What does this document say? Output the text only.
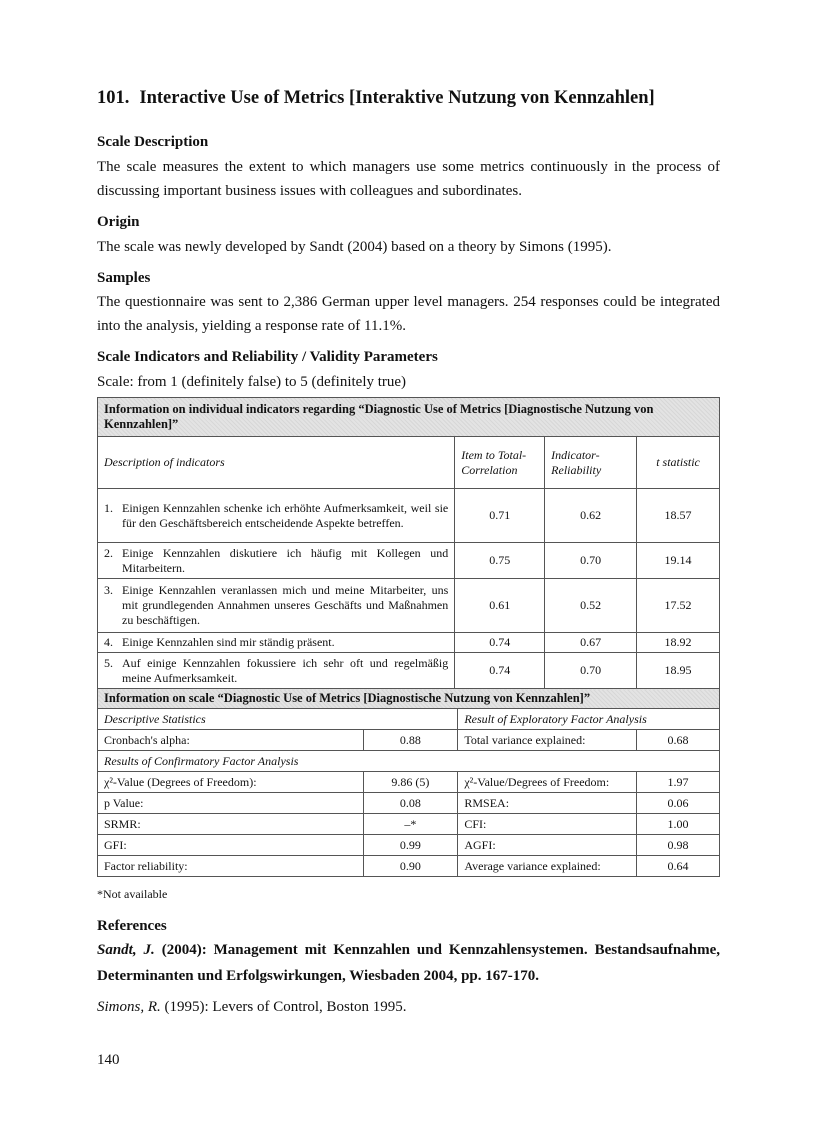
101. Interactive Use of Metrics [Interaktive Nutzung von Kennzahlen]
Scale Description

The scale measures the extent to which managers use some metrics continuously in the process of discussing important business issues with colleagues and subordinates.

Origin

The scale was newly developed by Sandt (2004) based on a theory by Simons (1995).

Samples

The questionnaire was sent to 2,386 German upper level managers. 254 responses could be integrated into the analysis, yielding a response rate of 11.1%.

Scale Indicators and Reliability / Validity Parameters

Scale: from 1 (definitely false) to 5 (definitely true)

Information on individual indicators regarding “Diagnostic Use of Metrics [Diagnostische Nutzung von Kennzahlen]”			
Description of indicators	Item to Total-Correlation	Indicator-Reliability	t statistic
1. Einigen Kennzahlen schenke ich erhöhte Aufmerksamkeit, weil sie für den Geschäftsbereich entscheidende Aspekte betreffen.	0.71	0.62	18.57
2. Einige Kennzahlen diskutiere ich häufig mit Kollegen und Mitarbeitern.	0.75	0.70	19.14
3. Einige Kennzahlen veranlassen mich und meine Mitarbeiter, uns mit grundlegenden Annahmen unseres Geschäfts und Maßnahmen zu beschäftigen.	0.61	0.52	17.52
4. Einige Kennzahlen sind mir ständig präsent.	0.74	0.67	18.92
5. Auf einige Kennzahlen fokussiere ich sehr oft und regelmäßig meine Aufmerksamkeit.	0.74	0.70	18.95
Information on scale “Diagnostic Use of Metrics [Diagnostische Nutzung von Kennzahlen]”			
Descriptive Statistics		Result of Exploratory Factor Analysis	
Cronbach's alpha:	0.88	Total variance explained:	0.68
Results of Confirmatory Factor Analysis			
χ²-Value (Degrees of Freedom):	9.86 (5)	χ²-Value/Degrees of Freedom:	1.97
p Value:	0.08	RMSEA:	0.06
SRMR:	–*	CFI:	1.00
GFI:	0.99	AGFI:	0.98
Factor reliability:	0.90	Average variance explained:	0.64
*Not available
References

Sandt, J. (2004): Management mit Kennzahlen und Kennzahlensystemen. Bestandsaufnahme, Determinanten und Erfolgswirkungen, Wiesbaden 2004, pp. 167-170.

Simons, R. (1995): Levers of Control, Boston 1995.

140
